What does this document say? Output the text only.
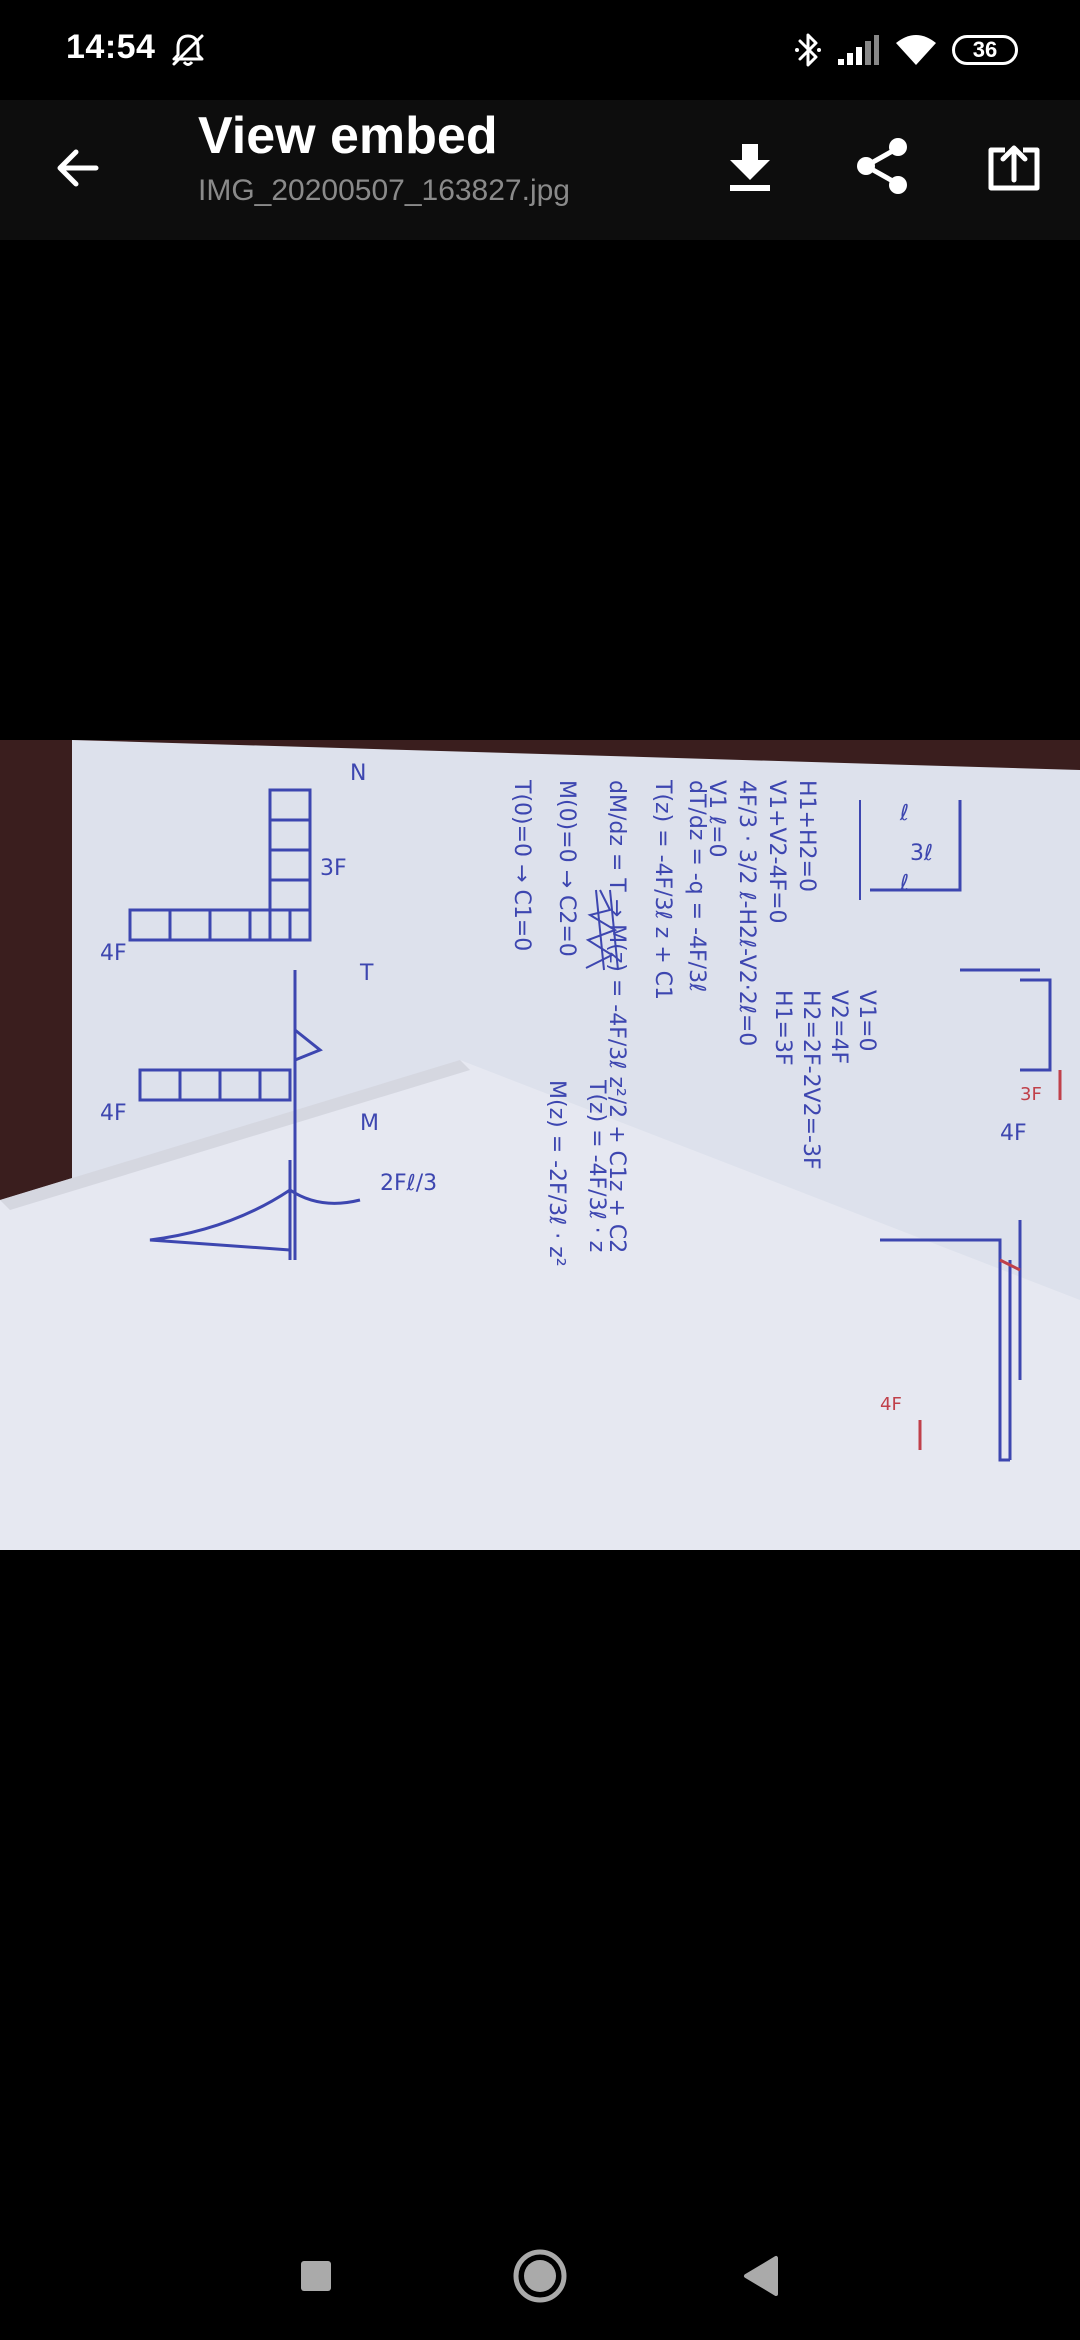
14:54	36
View embed
IMG_20200507_163827.jpg
H1+H2=0
V1+V2-4F=0
4F/3 · 3/2 ℓ-H2ℓ-V2·2ℓ=0
V1 ℓ=0
V1=0
V2=4F
H2=2F-2V2=-3F
H1=3F
dT/dz = -q = -4F/3ℓ
T(z) = -4F/3ℓ z + C1
dM/dz = T → M(z) = -4F/3ℓ z²/2 + C1z + C2
M(0)=0 → C2=0
T(0)=0 → C1=0
T(z) = -4F/3ℓ · z
M(z) = -2F/3ℓ · z²	3F
4F
3ℓ
ℓ
ℓ
4F
N
3F
4F
T
4F	M
2Fℓ/3
